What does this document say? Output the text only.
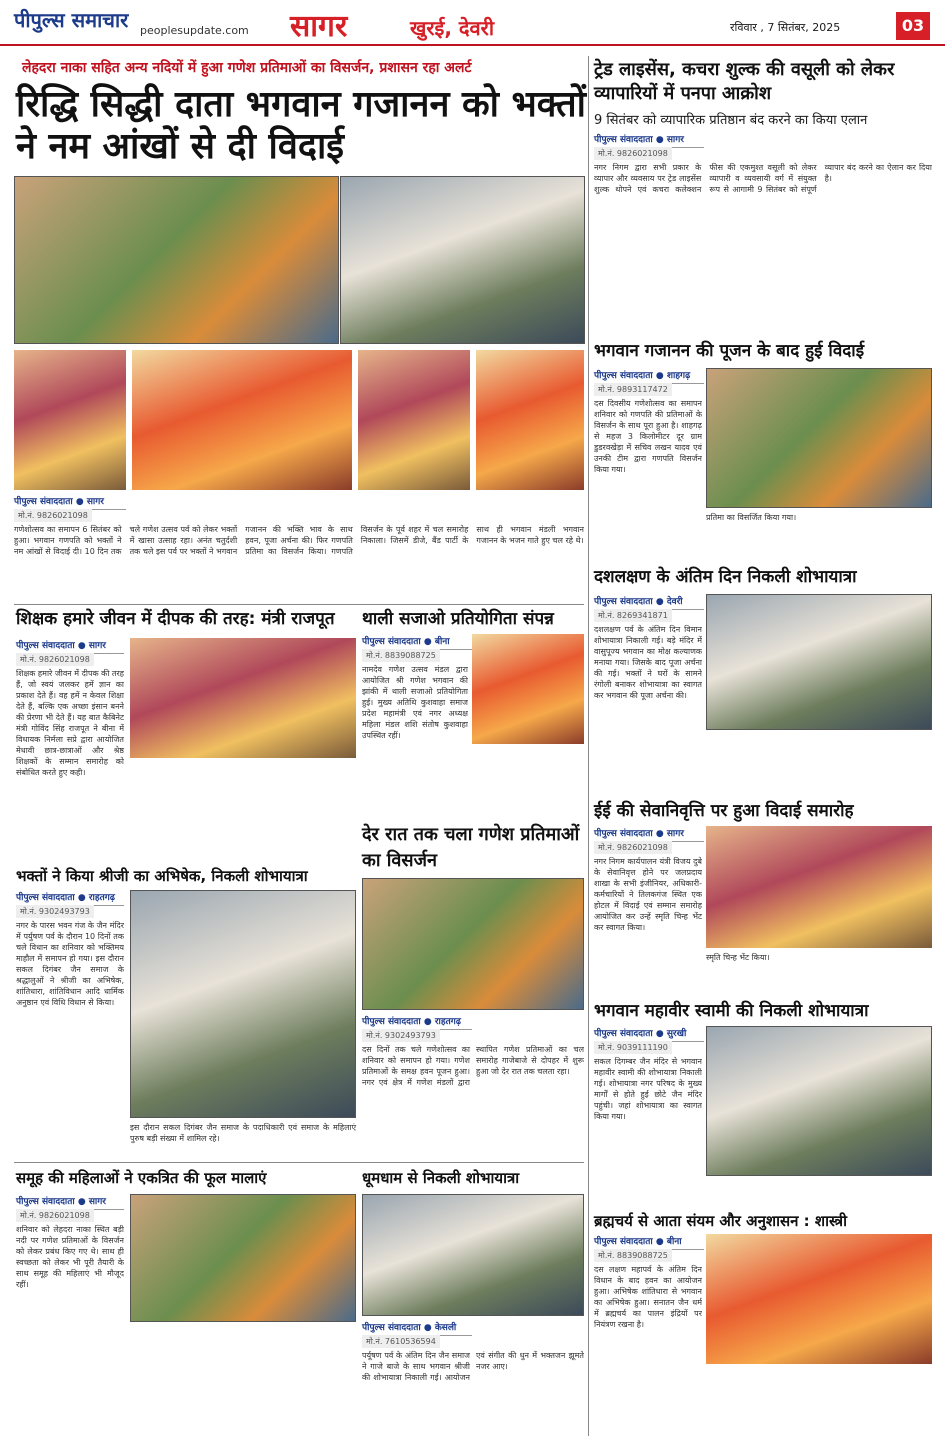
पीपुल्स समाचार peoplesupdate.com सागर	खुरई, देवरी	रविवार , 7 सितंबर, 2025	03
लेहदरा नाका सहित अन्य नदियों में हुआ गणेश प्रतिमाओं का विसर्जन, प्रशासन रहा अलर्ट
रिद्धि सिद्धी दाता भगवान गजानन को भक्तों ने नम आंखों से दी विदाई
पीपुल्स संवाददाता ● सागर
मो.नं. 9826021098
गणेशोत्सव का समापन 6 सितंबर को हुआ। भगवान गणपति को भक्तों ने नम आंखों से विदाई दी। 10 दिन तक चले गणेश उत्सव पर्व को लेकर भक्तों में खासा उत्साह रहा। अनंत चतुर्दशी तक चले इस पर्व पर भक्तों ने भगवान गजानन की भक्ति भाव के साथ हवन, पूजा अर्चना की। फिर गणपति प्रतिमा का विसर्जन किया। गणपति विसर्जन के पूर्व शहर में चल समारोह निकाला। जिसमें डीजे, बैंड पार्टी के साथ ही भगवान मंडली भगवान गजानन के भजन गाते हुए चल रहे थे।
ट्रेड लाइसेंस, कचरा शुल्क की वसूली को लेकर व्यापारियों में पनपा आक्रोश
9 सितंबर को व्यापारिक प्रतिष्ठान बंद करने का किया एलान
पीपुल्स संवाददाता ● सागर
मो.नं. 9826021098
नगर निगम द्वारा सभी प्रकार के व्यापार और व्यवसाय पर ट्रेड लाइसेंस शुल्क थोपने एवं कचरा कलेक्शन फीस की एकमुश्त वसूली को लेकर व्यापारी व व्यवसायी वर्ग में संयुक्त रूप से आगामी 9 सितंबर को संपूर्ण व्यापार बंद करने का ऐलान कर दिया है।
भगवान गजानन की पूजन के बाद हुई विदाई
पीपुल्स संवाददाता ● शाहगढ़
मो.नं. 9893117472
दस दिवसीय गणेशोत्सव का समापन शनिवार को गणपति की प्रतिमाओं के विसर्जन के साथ पूरा हुआ है। शाहगढ़ से महज 3 किलोमीटर दूर ग्राम डुडरवखेड़ा में सचिव लखन यादव एवं उनकी टीम द्वारा गणपति विसर्जन किया गया।
प्रतिमा का विसर्जित किया गया।
दशलक्षण के अंतिम दिन निकली शोभायात्रा
पीपुल्स संवाददाता ● देवरी
मो.नं. 8269341871
दशलक्षण पर्व के अंतिम दिन विमान शोभायात्रा निकाली गई। बड़े मंदिर में वासुपूज्य भगवान का मोक्ष कल्याणक मनाया गया। जिसके बाद पूजा अर्चना की गई। भक्तों ने घरों के सामने रंगोली बनाकर शोभायात्रा का स्वागत कर भगवान की पूजा अर्चना की।
ईई की सेवानिवृत्ति पर हुआ विदाई समारोह
पीपुल्स संवाददाता ● सागर
मो.नं. 9826021098
नगर निगम कार्यपालन यंत्री विजय दुबे के सेवानिवृत्त होने पर जलप्रदाय शाखा के सभी इंजीनियर, अधिकारी-कर्मचारियों ने तिलकगंज स्थित एक होटल में विदाई एवं सम्मान समारोह आयोजित कर उन्हें स्मृति चिन्ह भेंट कर स्वागत किया।
स्मृति चिन्ह भेंट किया।
भगवान महावीर स्वामी की निकली शोभायात्रा
पीपुल्स संवाददाता ● सुरखी
मो.नं. 9039111190
सकल दिगम्बर जैन मंदिर से भगवान महावीर स्वामी की शोभायात्रा निकाली गई। शोभायात्रा नगर परिषद के मुख्य मार्गों से होते हुई छोटे जैन मंदिर पहुंची। जहां शोभायात्रा का स्वागत किया गया।
ब्रह्मचर्य से आता संयम और अनुशासन : शास्त्री
पीपुल्स संवाददाता ● बीना
मो.नं. 8839088725
दस लक्षण महापर्व के अंतिम दिन विधान के बाद हवन का आयोजन हुआ। अभिषेक शांतिधारा से भगवान का अभिषेक हुआ। सनातन जैन धर्म में ब्रह्मचर्य का पालन इंद्रियों पर नियंत्रण रखना है।
शिक्षक हमारे जीवन में दीपक की तरह: मंत्री राजपूत
पीपुल्स संवाददाता ● सागर
मो.नं. 9826021098
शिक्षक हमारे जीवन में दीपक की तरह हैं, जो स्वयं जलकर हमें ज्ञान का प्रकाश देते हैं। वह हमें न केवल शिक्षा देते हैं, बल्कि एक अच्छा इंसान बनने की प्रेरणा भी देते हैं। यह बात कैबिनेट मंत्री गोविंद सिंह राजपूत ने बीना में विधायक निर्मला सप्रे द्वारा आयोजित मेधावी छात्र-छात्राओं और श्रेष्ठ शिक्षकों के सम्मान समारोह को संबोधित करते हुए कही।
थाली सजाओ प्रतियोगिता संपन्न
पीपुल्स संवाददाता ● बीना
मो.नं. 8839088725
नामदेव गणेश उत्सव मंडल द्वारा आयोजित श्री गणेश भगवान की झांकी में थाली सजाओ प्रतियोगिता हुई। मुख्य अतिथि कुशवाहा समाज प्रदेश महामंत्री एवं नगर अध्यक्ष महिला मंडल शशि संतोष कुशवाहा उपस्थित रहीं।
देर रात तक चला गणेश प्रतिमाओं का विसर्जन
पीपुल्स संवाददाता ● राहतगढ़
मो.नं. 9302493793
दस दिनों तक चले गणेशोत्सव का शनिवार को समापन हो गया। गणेश प्रतिमाओं के समक्ष हवन पूजन हुआ। नगर एवं क्षेत्र में गणेश मंडलों द्वारा स्थापित गणेश प्रतिमाओं का चल समारोह गाजेबाजे से दोपहर में शुरू हुआ जो देर रात तक चलता रहा।
भक्तों ने किया श्रीजी का अभिषेक, निकली शोभायात्रा
पीपुल्स संवाददाता ● राहतगढ़
मो.नं. 9302493793
नगर के पारस भवन गंज के जैन मंदिर में पर्युषण पर्व के दौरान 10 दिनों तक चले विधान का शनिवार को भक्तिमय माहौल में समापन हो गया। इस दौरान सकल दिगंबर जैन समाज के श्रद्धालुओं ने श्रीजी का अभिषेक, शांतिधारा, शांतिविधान आदि धार्मिक अनुष्ठान एवं विधि विधान से किया।
इस दौरान सकल दिगंबर जैन समाज के पदाधिकारी एवं समाज के महिलाएं पुरुष बड़ी संख्या में शामिल रहे।
समूह की महिलाओं ने एकत्रित की फूल मालाएं
पीपुल्स संवाददाता ● सागर
मो.नं. 9826021098
शनिवार को लेहदरा नाका स्थित बड़ी नदी पर गणेश प्रतिमाओं के विसर्जन को लेकर प्रबंध किए गए थे। साथ ही स्वच्छता को लेकर भी पूरी तैयारी के साथ समूह की महिलाएं भी मौजूद रहीं।
धूमधाम से निकली शोभायात्रा
पीपुल्स संवाददाता ● केसली
मो.नं. 7610536594
पर्यूषण पर्व के अंतिम दिन जैन समाज ने गाजे बाजे के साथ भगवान श्रीजी की शोभायात्रा निकाली गई। आयोजन एवं संगीत की धुन में भक्तजन झूमते नजर आए।
